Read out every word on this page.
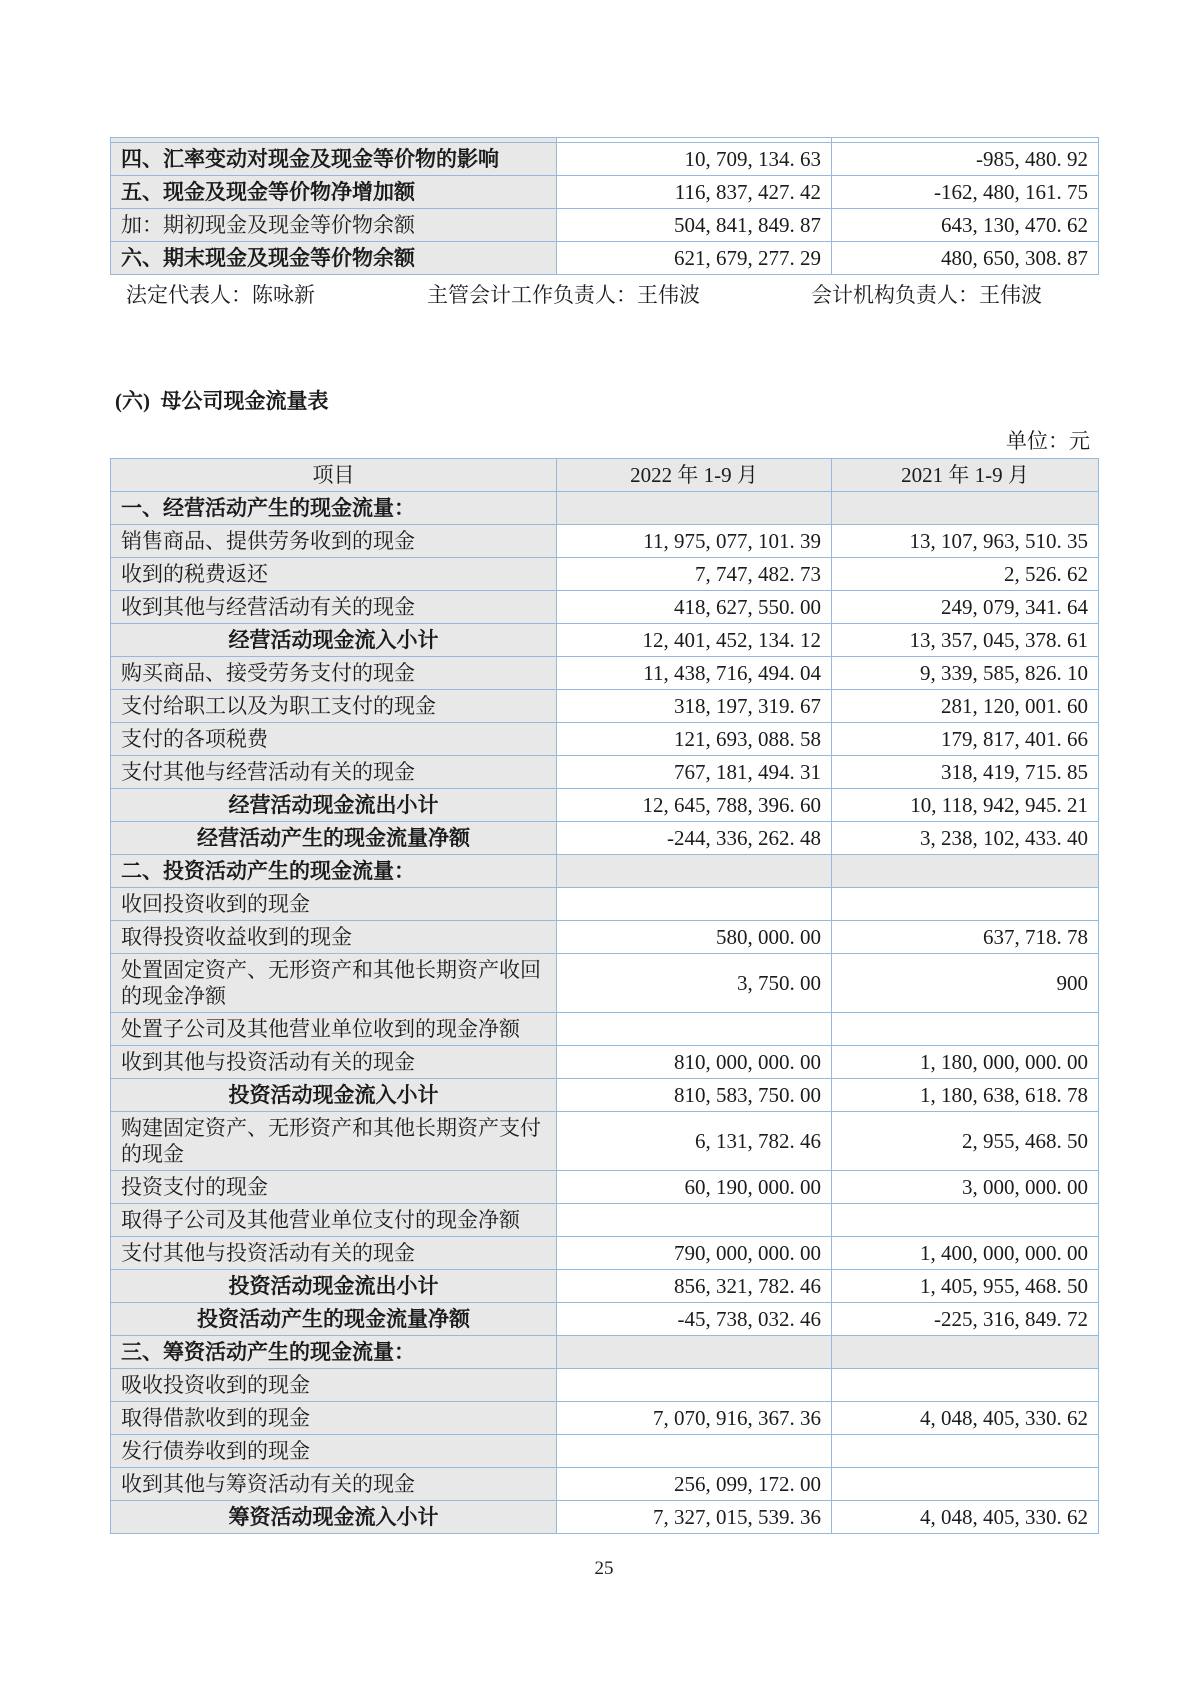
四、汇率变动对现金及现金等价物的影响	10, 709, 134. 63	-985, 480. 92
五、现金及现金等价物净增加额	116, 837, 427. 42	-162, 480, 161. 75
加：期初现金及现金等价物余额	504, 841, 849. 87	643, 130, 470. 62
六、期末现金及现金等价物余额	621, 679, 277. 29	480, 650, 308. 87
法定代表人：陈咏新	主管会计工作负责人：王伟波	会计机构负责人：王伟波
(六)  母公司现金流量表
单位：元
项目	2022 年 1-9 月	2021 年 1-9 月
一、经营活动产生的现金流量：		
销售商品、提供劳务收到的现金	11, 975, 077, 101. 39	13, 107, 963, 510. 35
收到的税费返还	7, 747, 482. 73	2, 526. 62
收到其他与经营活动有关的现金	418, 627, 550. 00	249, 079, 341. 64
经营活动现金流入小计	12, 401, 452, 134. 12	13, 357, 045, 378. 61
购买商品、接受劳务支付的现金	11, 438, 716, 494. 04	9, 339, 585, 826. 10
支付给职工以及为职工支付的现金	318, 197, 319. 67	281, 120, 001. 60
支付的各项税费	121, 693, 088. 58	179, 817, 401. 66
支付其他与经营活动有关的现金	767, 181, 494. 31	318, 419, 715. 85
经营活动现金流出小计	12, 645, 788, 396. 60	10, 118, 942, 945. 21
经营活动产生的现金流量净额	-244, 336, 262. 48	3, 238, 102, 433. 40
二、投资活动产生的现金流量：		
收回投资收到的现金		
取得投资收益收到的现金	580, 000. 00	637, 718. 78
处置固定资产、无形资产和其他长期资产收回的现金净额	3, 750. 00	900
处置子公司及其他营业单位收到的现金净额		
收到其他与投资活动有关的现金	810, 000, 000. 00	1, 180, 000, 000. 00
投资活动现金流入小计	810, 583, 750. 00	1, 180, 638, 618. 78
购建固定资产、无形资产和其他长期资产支付的现金	6, 131, 782. 46	2, 955, 468. 50
投资支付的现金	60, 190, 000. 00	3, 000, 000. 00
取得子公司及其他营业单位支付的现金净额		
支付其他与投资活动有关的现金	790, 000, 000. 00	1, 400, 000, 000. 00
投资活动现金流出小计	856, 321, 782. 46	1, 405, 955, 468. 50
投资活动产生的现金流量净额	-45, 738, 032. 46	-225, 316, 849. 72
三、筹资活动产生的现金流量：		
吸收投资收到的现金		
取得借款收到的现金	7, 070, 916, 367. 36	4, 048, 405, 330. 62
发行债券收到的现金		
收到其他与筹资活动有关的现金	256, 099, 172. 00	
筹资活动现金流入小计	7, 327, 015, 539. 36	4, 048, 405, 330. 62
25
